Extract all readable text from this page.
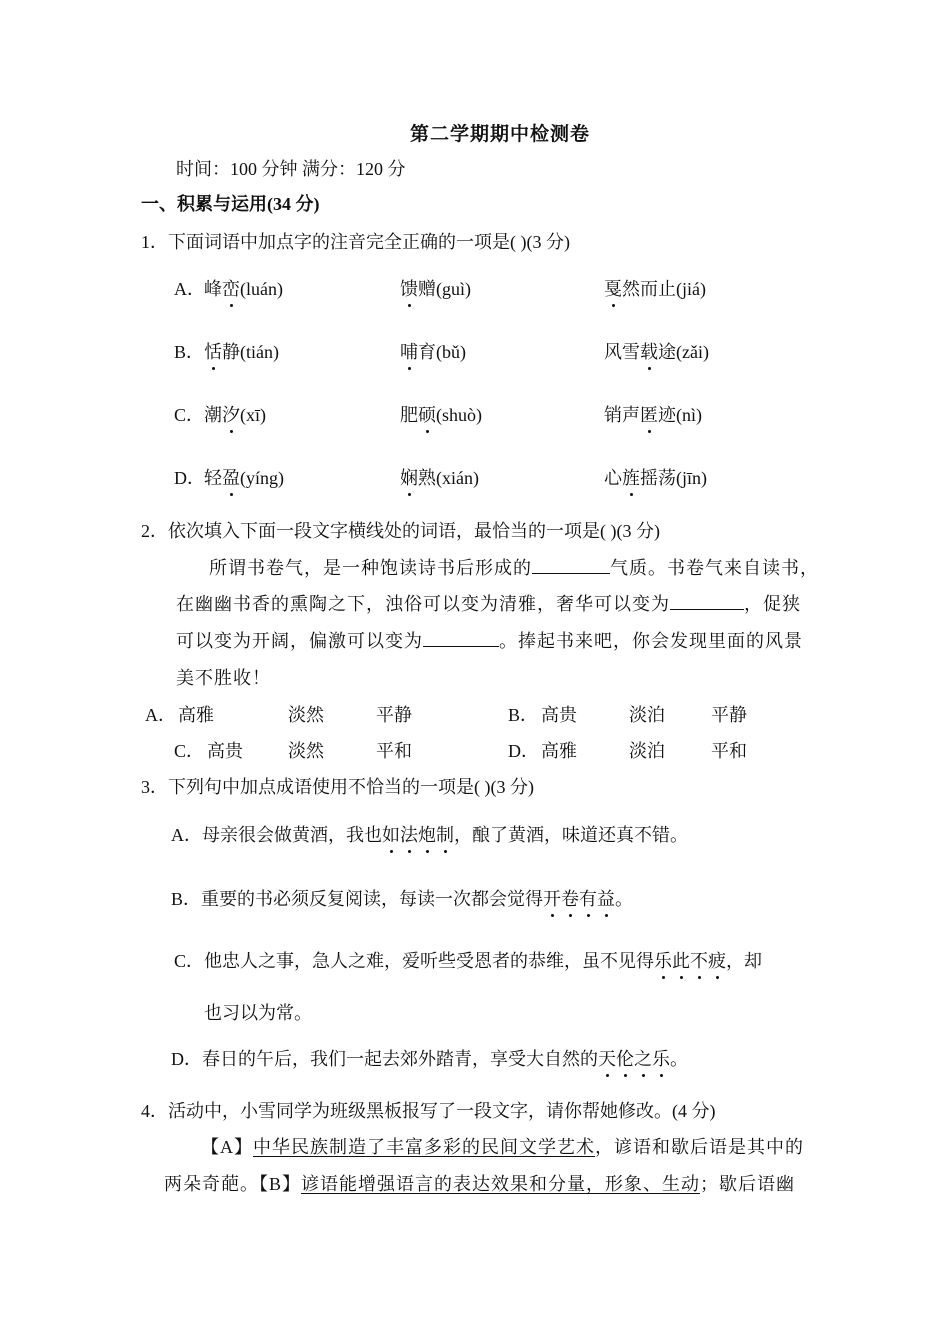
第二学期期中检测卷
时间：100 分钟 满分：120 分
一、积累与运用(34 分)
1．下面词语中加点字的注音完全正确的一项是( )(3 分)
A． 峰峦(luán)	馈赠(guì)	戛然而止(jiá)
B． 恬静(tián)	哺育(bǔ)	风雪载途(zǎi)
C． 潮汐(xī)	肥硕(shuò)	销声匿迹(nì)
D． 轻盈(yíng)	娴熟(xián)	心旌摇荡(jīn)
2．依次填入下面一段文字横线处的词语，最恰当的一项是( )(3 分)
所谓书卷气，是一种饱读诗书后形成的	气质。书卷气来自读书，
在幽幽书香的熏陶之下，浊俗可以变为清雅，奢华可以变为	，促狭
可以变为开阔，偏激可以变为	。捧起书来吧，你会发现里面的风景
美不胜收！
A． 高雅	淡然	平静	B． 高贵	淡泊	平静
C． 高贵	淡然	平和	D． 高雅	淡泊	平和
3．下列句中加点成语使用不恰当的一项是( )(3 分)
A．母亲很会做黄酒，我也如法炮制，酿了黄酒，味道还真不错。
B．重要的书必须反复阅读，每读一次都会觉得开卷有益。
C．他忠人之事，急人之难，爱听些受恩者的恭维，虽不见得乐此不疲，却
也习以为常。
D．春日的午后，我们一起去郊外踏青，享受大自然的天伦之乐。
4．活动中，小雪同学为班级黑板报写了一段文字，请你帮她修改。(4 分)
【A】中华民族制造了丰富多彩的民间文学艺术，谚语和歇后语是其中的
两朵奇葩。【B】谚语能增强语言的表达效果和分量，形象、生动；歇后语幽
